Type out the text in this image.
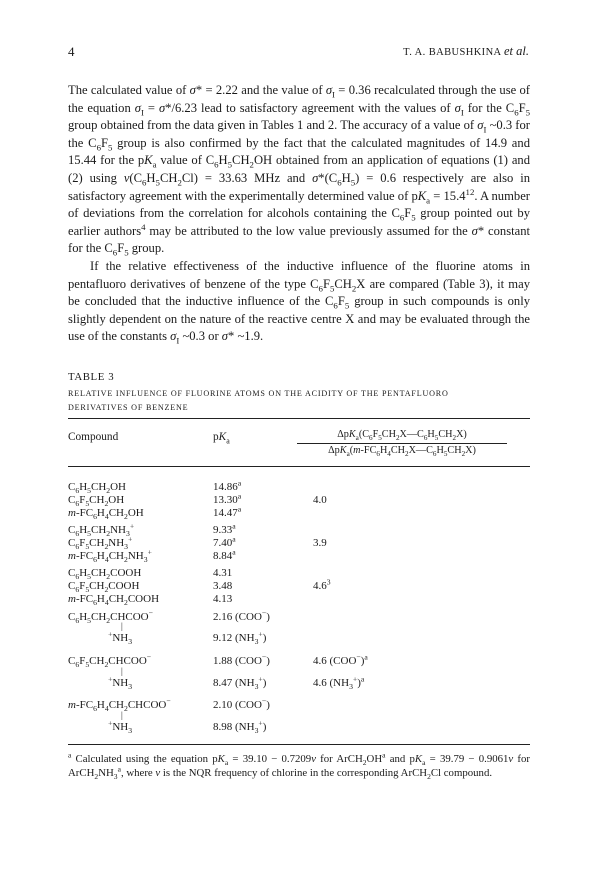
4	T. A. BABUSHKINA et al.

The calculated value of σ* = 2.22 and the value of $\sigma_I = 0.36$ recalculated through the use of the equation $\sigma_I = \sigma*/6.23$ lead to satisfactory agreement with the values of $\sigma_I$ for the $C_6F_5$ group obtained from the data given in Tables 1 and 2. The accuracy of a value of $\sigma_I$ ~0.3 for the $C_6F_5$ group is also confirmed by the fact that the calculated magnitudes of 14.9 and 15.44 for the $pK_a$ value of $C_6H_5CH_2OH$ obtained from an application of equations (1) and (2) using $v(C_6H_5CH_2Cl) = 33.63$ MHz and $\sigma*(C_6H_5) = 0.6$ respectively are also in satisfactory agreement with the experimentally determined value of $pK_a = 15.4^{12}$. A number of deviations from the correlation for alcohols containing the $C_6F_5$ group pointed out by earlier authors$^4$ may be attributed to the low value previously assumed for the σ* constant for the $C_6F_5$ group.

If the relative effectiveness of the inductive influence of the fluorine atoms in pentafluoro derivatives of benzene of the type $C_6F_5CH_2X$ are compared (Table 3), it may be concluded that the inductive influence of the $C_6F_5$ group in such compounds is only slightly dependent on the nature of the reactive centre X and may be evaluated through the use of the constants $\sigma_I$ ~0.3 or σ* ~1.9.

TABLE 3
RELATIVE INFLUENCE OF FLUORINE ATOMS ON THE ACIDITY OF THE PENTAFLUORO DERIVATIVES OF BENZENE
Compound	$pK_a$
$\Delta pK_a(C_6F_5CH_2X—C_6H_5CH_2X)$
$\Delta pK_a(m-FC_6H_4CH_2X—C_6H_5CH_2X)$
$C_6H_5CH_2OH$	14.86$^a$
$C_6F_5CH_2OH$	13.30$^a$	4.0
$m-FC_6H_4CH_2OH$	14.47$^a$
$C_6H_5CH_2NH_3^+$	9.33$^a$
$C_6F_5CH_2NH_3^+$	7.40$^a$	3.9
$m-FC_6H_4CH_2NH_3^+$	8.84$^a$
$C_6H_5CH_2COOH$	4.31
$C_6F_5CH_2COOH$	3.48	$4.6^3$
$m-FC_6H_4CH_2COOH$	4.13
$C_6H_5CH_2CHCOO^-$	2.16 (COO−)
$^+NH_3$
|
9.12 $(NH_3^+)$
$C_6F_5CH_2CHCOO^-$	1.88 (COO−)	4.6 $(COO^-)^a$
$^+NH_3$
|
8.47 $(NH_3^+)$	4.6 $(NH_3^+)^a$
$m-FC_6H_4CH_2CHCOO^-$	2.10 (COO−)
$^+NH_3$
|
8.98 $(NH_3^+)$
$^a$ Calculated using the equation $pK_a = 39.10 - 0.7209v$ for $ArCH_2OH^a$ and $pK_a = 39.79 - 0.9061v$ for $ArCH_2NH_3^a$, where v is the NQR frequency of chlorine in the corresponding ArCH$_2$Cl compound.
